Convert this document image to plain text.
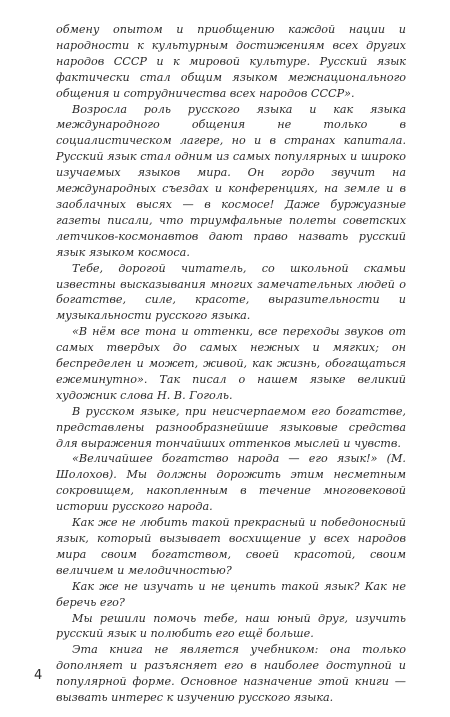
обмену опытом и приобщению каждой нации и народности к культурным достижениям всех других народов СССР и к мировой культуре. Русский язык фактически стал общим языком межнационального общения и сотрудничества всех народов СССР».

Возросла роль русского языка и как языка международного общения не только в социалистическом лагере, но и в странах капитала. Русский язык стал одним из самых популярных и широко изучаемых языков мира. Он гордо звучит на международных съездах и конференциях, на земле и в заоблачных высях — в космосе! Даже буржуазные газеты писали, что триумфальные полеты советских летчиков-космонавтов дают право назвать русский язык языком космоса.

Тебе, дорогой читатель, со школьной скамьи известны высказывания многих замечательных людей о богатстве, силе, красоте, выразительности и музыкальности русского языка.

«В нём все тона и оттенки, все переходы звуков от самых твердых до самых нежных и мягких; он беспределен и может, живой, как жизнь, обогащаться ежеминутно». Так писал о нашем языке великий художник слова Н. В. Гоголь.

В русском языке, при неисчерпаемом его богатстве, представлены разнообразнейшие языковые средства для выражения тончайших оттенков мыслей и чувств.

«Величайшее богатство народа — его язык!» (М. Шолохов). Мы должны дорожить этим несметным сокровищем, накопленным в течение многовековой истории русского народа.

Как же не любить такой прекрасный и победоносный язык, который вызывает восхищение у всех народов мира своим богатством, своей красотой, своим величием и мелодичностью?

Как же не изучать и не ценить такой язык? Как не беречь его?

Мы решили помочь тебе, наш юный друг, изучить русский язык и полюбить его ещё больше.

Эта книга не является учебником: она только дополняет и разъясняет его в наиболее доступной и популярной форме. Основное назначение этой книги — вызвать интерес к изучению русского языка.

4
